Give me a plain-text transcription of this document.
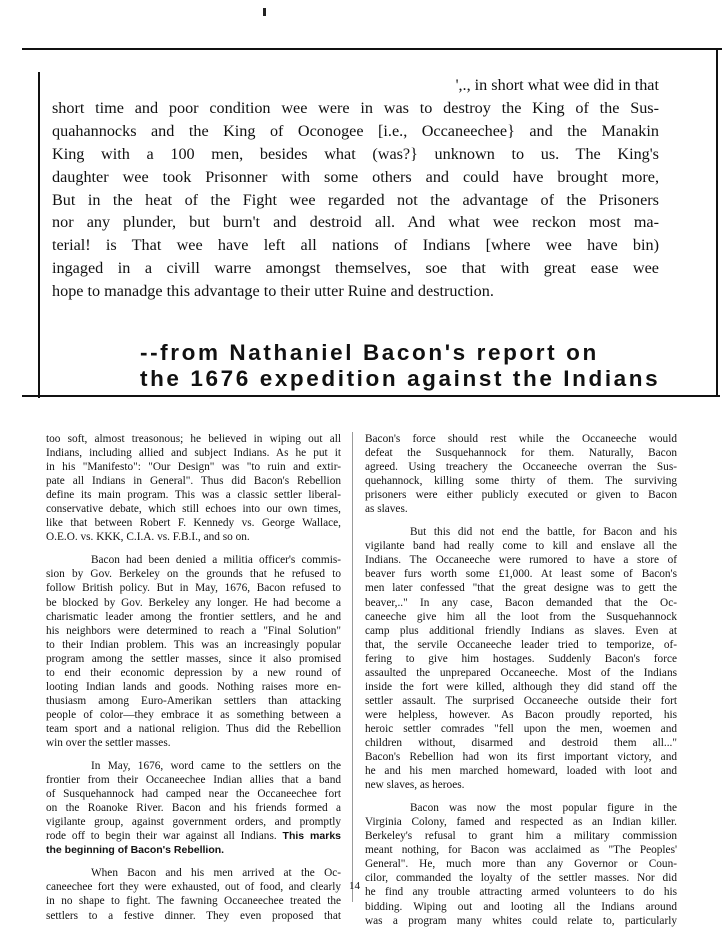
',., in short what wee did in that
short time and poor condition wee were in was to destroy the King of the Sus-
quahannocks and the King of Oconogee [i.e., Occaneechee} and the Manakin
King with a 100 men, besides what (was?} unknown to us. The King's
daughter wee took Prisonner with some others and could have brought more,
But in the heat of the Fight wee regarded not the advantage of the Prisoners
nor any plunder, but burn't and destroid all. And what wee reckon most ma-
terial! is That wee have left all nations of Indians [where wee have bin)
ingaged in a civill warre amongst themselves, soe that with great ease wee
hope to manadge this advantage to their utter Ruine and destruction.
--from Nathaniel Bacon's report on
the 1676 expedition against the Indians
too soft, almost treasonous; he believed in wiping out all
Indians, including allied and subject Indians. As he put it
in his "Manifesto": "Our Design" was "to ruin and extir-
pate all Indians in General". Thus did Bacon's Rebellion
define its main program. This was a classic settler liberal-
conservative debate, which still echoes into our own times,
like that between Robert F. Kennedy vs. George Wallace,
O.E.O. vs. KKK, C.I.A. vs. F.B.I., and so on.
Bacon had been denied a militia officer's commis-
sion by Gov. Berkeley on the grounds that he refused to
follow British policy. But in May, 1676, Bacon refused to
be blocked by Gov. Berkeley any longer. He had become a
charismatic leader among the frontier settlers, and he and
his neighbors were determined to reach a "Final Solution"
to their Indian problem. This was an increasingly popular
program among the settler masses, since it also promised
to end their economic depression by a new round of
looting Indian lands and goods. Nothing raises more en-
thusiasm among Euro-Amerikan settlers than attacking
people of color—they embrace it as something between a
team sport and a national religion. Thus did the Rebellion
win over the settler masses.
In May, 1676, word came to the settlers on the
frontier from their Occaneechee Indian allies that a band
of Susquehannock had camped near the Occaneechee fort
on the Roanoke River. Bacon and his friends formed a
vigilante group, against government orders, and promptly
rode off to begin their war against all Indians. This marks
the beginning of Bacon's Rebellion.
When Bacon and his men arrived at the Oc-
caneechee fort they were exhausted, out of food, and clearly
in no shape to fight. The fawning Occaneechee treated the
settlers to a festive dinner. They even proposed that
Bacon's force should rest while the Occaneeche would
defeat the Susquehannock for them. Naturally, Bacon
agreed. Using treachery the Occaneeche overran the Sus-
quehannock, killing some thirty of them. The surviving
prisoners were either publicly executed or given to Bacon
as slaves.
But this did not end the battle, for Bacon and his
vigilante band had really come to kill and enslave all the
Indians. The Occaneeche were rumored to have a store of
beaver furs worth some £1,000. At least some of Bacon's
men later confessed "that the great designe was to gett the
beaver,.." In any case, Bacon demanded that the Oc-
caneeche give him all the loot from the Susquehannock
camp plus additional friendly Indians as slaves. Even at
that, the servile Occaneeche leader tried to temporize, of-
fering to give him hostages. Suddenly Bacon's force
assaulted the unprepared Occaneeche. Most of the Indians
inside the fort were killed, although they did stand off the
settler assault. The surprised Occaneeche outside their fort
were helpless, however. As Bacon proudly reported, his
heroic settler comrades "fell upon the men, woemen and
children without, disarmed and destroid them all..."
Bacon's Rebellion had won its first important victory, and
he and his men marched homeward, loaded with loot and
new slaves, as heroes.
Bacon was now the most popular figure in the
Virginia Colony, famed and respected as an Indian killer.
Berkeley's refusal to grant him a military commission
meant nothing, for Bacon was acclaimed as "The Peoples'
General". He, much more than any Governor or Coun-
cilor, commanded the loyalty of the settler masses. Nor did
he find any trouble attracting armed volunteers to do his
bidding. Wiping out and looting all the Indians around
was a program many whites could relate to, particularly
14
